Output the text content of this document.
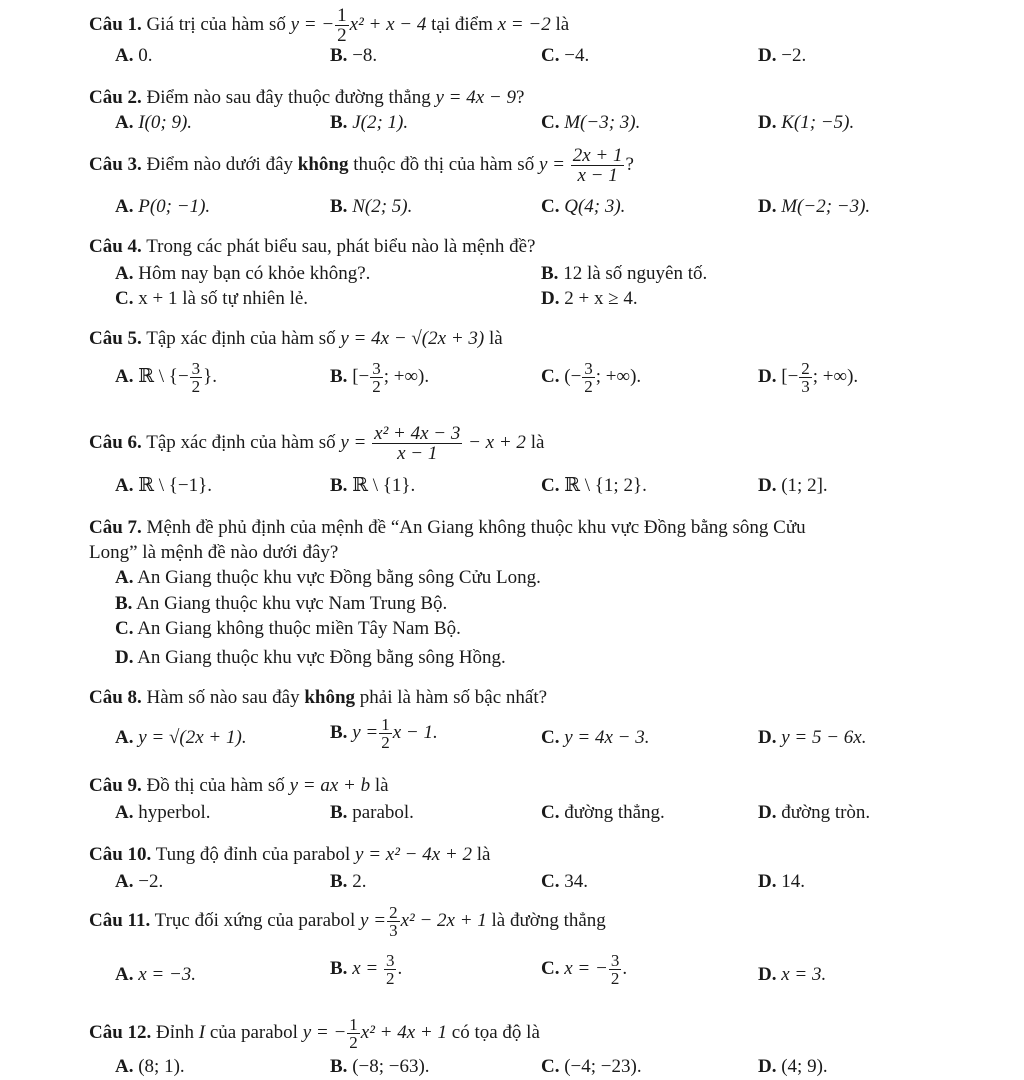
Câu 1. Giá trị của hàm số y = − $\frac{1}{2} x^2 + x - 4$ tại điểm x = −2 là
A. 0.	B. −8.	C. −4.	D. −2.
Câu 2. Điểm nào sau đây thuộc đường thẳng y = 4x − 9?
A. I(0; 9).	B. J(2; 1).	C. M(−3; 3).	D. K(1; −5).
Câu 3. Điểm nào dưới đây không thuộc đồ thị của hàm số $y = \frac{2x + 1}{x - 1}$ ?
A. P(0; −1).	B. N(2; 5).	C. Q(4; 3).	D. M(−2; −3).
Câu 4. Trong các phát biểu sau, phát biểu nào là mệnh đề?
A. Hôm nay bạn có khỏe không?.	B. 12 là số nguyên tố.
C. x + 1 là số tự nhiên lẻ.	D. 2 + x ≥ 4.
Câu 5. Tập xác định của hàm số y = 4x − √(2x + 3) là
A. ℝ \ {− $\frac{3}{2}$ }.	B. [− $\frac{3}{2}$ ; +∞).	C. (− $\frac{3}{2}$ ; +∞).	D. [− $\frac{2}{3}$ ; +∞).
Câu 6. Tập xác định của hàm số $y = \frac{\text{x² + 4x − 3}}{x - 1} - x + 2$ là
A. ℝ \ {−1}.	B. ℝ \ {1}.	C. ℝ \ {1; 2}.	D. (1; 2].
Câu 7. Mệnh đề phủ định của mệnh đề “An Giang không thuộc khu vực Đồng bằng sông Cửu
Long” là mệnh đề nào dưới đây?
A. An Giang thuộc khu vực Đồng bằng sông Cửu Long.
B. An Giang thuộc khu vực Nam Trung Bộ.
C. An Giang không thuộc miền Tây Nam Bộ.
D. An Giang thuộc khu vực Đồng bằng sông Hồng.
Câu 8. Hàm số nào sau đây không phải là hàm số bậc nhất?
A. y = √(2x + 1).	B. $y = \frac{1}{2}$ x − 1.	C. y = 4x − 3.	D. y = 5 − 6x.
Câu 9. Đồ thị của hàm số y = ax + b là
A. hyperbol.	B. parabol.	C. đường thẳng.	D. đường tròn.
Câu 10. Tung độ đỉnh của parabol y = x² − 4x + 2 là
A. −2.	B. 2.	C. 34.	D. 14.
Câu 11. Trục đối xứng của parabol $y = \frac{2}{3} x^2 - 2x + 1$ là đường thẳng
A. x = −3.	B. $x = \frac{3}{2}$ .	C. x = − $\frac{3}{2}$ .	D. x = 3.
Câu 12. Đỉnh I của parabol y = − $\frac{1}{2} x^2 + 4x + 1$ có tọa độ là
A. (8; 1).	B. (−8; −63).	C. (−4; −23).	D. (4; 9).
